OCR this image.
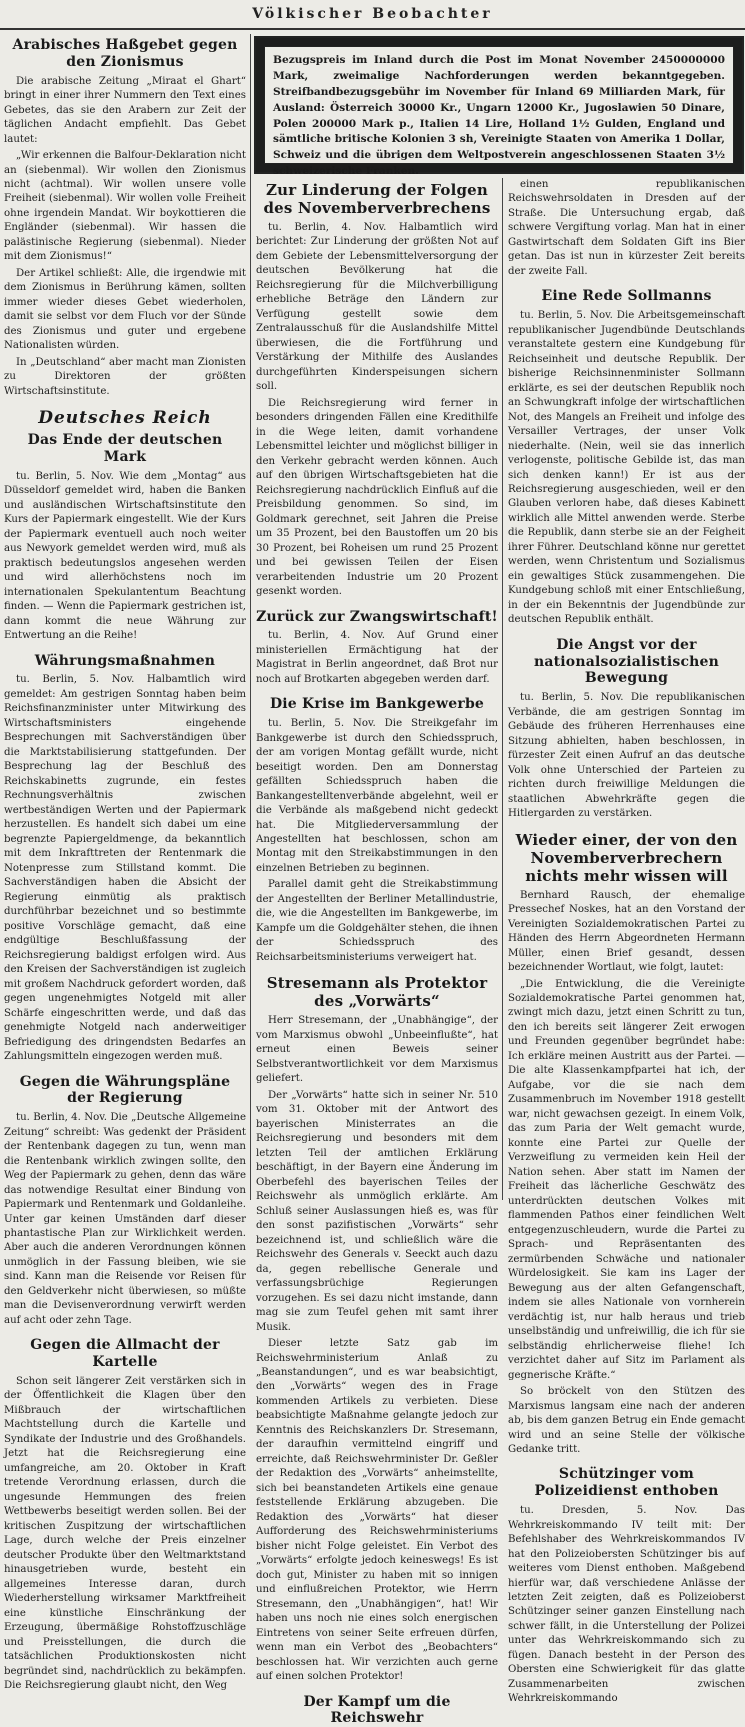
Völkischer Beobachter
Bezugspreis im Inland durch die Post im Monat November 2450000000 Mark, zweimalige Nachforderungen werden bekanntgegeben. Streifbandbezugsgebühr im November für Inland 69 Milliarden Mark, für Ausland: Österreich 30000 Kr., Ungarn 12000 Kr., Jugoslawien 50 Dinare, Polen 200000 Mark p., Italien 14 Lire, Holland 1½ Gulden, England und sämtliche britische Kolonien 3 sh, Vereinigte Staaten von Amerika 1 Dollar, Schweiz und die übrigen dem Weltpostverein angeschlossenen Staaten 3½ schweizerische Franken.
Arabisches Haßgebet gegen den Zionismus

Die arabische Zeitung „Miraat el Ghart“ bringt in einer ihrer Nummern den Text eines Gebetes, das sie den Arabern zur Zeit der täglichen Andacht empfiehlt. Das Gebet lautet:

„Wir erkennen die Balfour-Deklaration nicht an (siebenmal). Wir wollen den Zionismus nicht (achtmal). Wir wollen unsere volle Freiheit (siebenmal). Wir wollen volle Freiheit ohne irgendein Mandat. Wir boykottieren die Engländer (siebenmal). Wir hassen die palästinische Regierung (siebenmal). Nieder mit dem Zionismus!“

Der Artikel schließt: Alle, die irgendwie mit dem Zionismus in Berührung kämen, sollten immer wieder dieses Gebet wiederholen, damit sie selbst vor dem Fluch vor der Sünde des Zionismus und guter und ergebene Nationalisten würden.

In „Deutschland“ aber macht man Zionisten zu Direktoren der größten Wirtschaftsinstitute.

Deutsches Reich
Das Ende der deutschen Mark

tu. Berlin, 5. Nov. Wie dem „Montag“ aus Düsseldorf gemeldet wird, haben die Banken und ausländischen Wirtschaftsinstitute den Kurs der Papiermark eingestellt. Wie der Kurs der Papiermark eventuell auch noch weiter aus Newyork gemeldet werden wird, muß als praktisch bedeutungslos angesehen werden und wird allerhöchstens noch im internationalen Spekulantentum Beachtung finden. — Wenn die Papiermark gestrichen ist, dann kommt die neue Währung zur Entwertung an die Reihe!

Währungsmaßnahmen

tu. Berlin, 5. Nov. Halbamtlich wird gemeldet: Am gestrigen Sonntag haben beim Reichsfinanzminister unter Mitwirkung des Wirtschaftsministers eingehende Besprechungen mit Sachverständigen über die Marktstabilisierung stattgefunden. Der Besprechung lag der Beschluß des Reichskabinetts zugrunde, ein festes Rechnungsverhältnis zwischen wertbeständigen Werten und der Papiermark herzustellen. Es handelt sich dabei um eine begrenzte Papiergeldmenge, da bekanntlich mit dem Inkrafttreten der Rentenmark die Notenpresse zum Stillstand kommt. Die Sachverständigen haben die Absicht der Regierung einmütig als praktisch durchführbar bezeichnet und so bestimmte positive Vorschläge gemacht, daß eine endgültige Beschlußfassung der Reichsregierung baldigst erfolgen wird. Aus den Kreisen der Sachverständigen ist zugleich mit großem Nachdruck gefordert worden, daß gegen ungenehmigtes Notgeld mit aller Schärfe eingeschritten werde, und daß das genehmigte Notgeld nach anderweitiger Befriedigung des dringendsten Bedarfes an Zahlungsmitteln eingezogen werden muß.

Gegen die Währungspläne der Regierung

tu. Berlin, 4. Nov. Die „Deutsche Allgemeine Zeitung“ schreibt: Was gedenkt der Präsident der Rentenbank dagegen zu tun, wenn man die Rentenbank wirklich zwingen sollte, den Weg der Papiermark zu gehen, denn das wäre das notwendige Resultat einer Bindung von Papiermark und Rentenmark und Goldanleihe. Unter gar keinen Umständen darf dieser phantastische Plan zur Wirklichkeit werden. Aber auch die anderen Verordnungen können unmöglich in der Fassung bleiben, wie sie sind. Kann man die Reisende vor Reisen für den Geldverkehr nicht überwiesen, so müßte man die Devisenverordnung verwirft werden auf acht oder zehn Tage.

Gegen die Allmacht der Kartelle

Schon seit längerer Zeit verstärken sich in der Öffentlichkeit die Klagen über den Mißbrauch der wirtschaftlichen Machtstellung durch die Kartelle und Syndikate der Industrie und des Großhandels. Jetzt hat die Reichsregierung eine umfangreiche, am 20. Oktober in Kraft tretende Verordnung erlassen, durch die ungesunde Hemmungen des freien Wettbewerbs beseitigt werden sollen. Bei der kritischen Zuspitzung der wirtschaftlichen Lage, durch welche der Preis einzelner deutscher Produkte über den Weltmarktstand hinausgetrieben wurde, besteht ein allgemeines Interesse daran, durch Wiederherstellung wirksamer Marktfreiheit eine künstliche Einschränkung der Erzeugung, übermäßige Rohstoffzuschläge und Preisstellungen, die durch die tatsächlichen Produktionskosten nicht begründet sind, nachdrücklich zu bekämpfen. Die Reichsregierung glaubt nicht, den Weg

Zur Linderung der Folgen des Novemberverbrechens

tu. Berlin, 4. Nov. Halbamtlich wird berichtet: Zur Linderung der größten Not auf dem Gebiete der Lebensmittelversorgung der deutschen Bevölkerung hat die Reichsregierung für die Milchverbilligung erhebliche Beträge den Ländern zur Verfügung gestellt sowie dem Zentralausschuß für die Auslandshilfe Mittel überwiesen, die die Fortführung und Verstärkung der Mithilfe des Auslandes durchgeführten Kinderspeisungen sichern soll.

Die Reichsregierung wird ferner in besonders dringenden Fällen eine Kredithilfe in die Wege leiten, damit vorhandene Lebensmittel leichter und möglichst billiger in den Verkehr gebracht werden können. Auch auf den übrigen Wirtschaftsgebieten hat die Reichsregierung nachdrücklich Einfluß auf die Preisbildung genommen. So sind, im Goldmark gerechnet, seit Jahren die Preise um 35 Prozent, bei den Baustoffen um 20 bis 30 Prozent, bei Roheisen um rund 25 Prozent und bei gewissen Teilen der Eisen verarbeitenden Industrie um 20 Prozent gesenkt worden.

Zurück zur Zwangswirtschaft!

tu. Berlin, 4. Nov. Auf Grund einer ministeriellen Ermächtigung hat der Magistrat in Berlin angeordnet, daß Brot nur noch auf Brotkarten abgegeben werden darf.

Die Krise im Bankgewerbe

tu. Berlin, 5. Nov. Die Streikgefahr im Bankgewerbe ist durch den Schiedsspruch, der am vorigen Montag gefällt wurde, nicht beseitigt worden. Den am Donnerstag gefällten Schiedsspruch haben die Bankangestelltenverbände abgelehnt, weil er die Verbände als maßgebend nicht gedeckt hat. Die Mitgliederversammlung der Angestellten hat beschlossen, schon am Montag mit den Streikabstimmungen in den einzelnen Betrieben zu beginnen.

Parallel damit geht die Streikabstimmung der Angestellten der Berliner Metallindustrie, die, wie die Angestellten im Bankgewerbe, im Kampfe um die Goldgehälter stehen, die ihnen der Schiedsspruch des Reichsarbeitsministeriums verweigert hat.

Stresemann als Protektor des „Vorwärts“

Herr Stresemann, der „Unabhängige“, der vom Marxismus obwohl „Unbeeinflußte“, hat erneut einen Beweis seiner Selbstverantwortlichkeit vor dem Marxismus geliefert.

Der „Vorwärts“ hatte sich in seiner Nr. 510 vom 31. Oktober mit der Antwort des bayerischen Ministerrates an die Reichsregierung und besonders mit dem letzten Teil der amtlichen Erklärung beschäftigt, in der Bayern eine Änderung im Oberbefehl des bayerischen Teiles der Reichswehr als unmöglich erklärte. Am Schluß seiner Auslassungen hieß es, was für den sonst pazifistischen „Vorwärts“ sehr bezeichnend ist, und schließlich wäre die Reichswehr des Generals v. Seeckt auch dazu da, gegen rebellische Generale und verfassungsbrüchige Regierungen vorzugehen. Es sei dazu nicht imstande, dann mag sie zum Teufel gehen mit samt ihrer Musik.

Dieser letzte Satz gab im Reichswehrministerium Anlaß zu „Beanstandungen“, und es war beabsichtigt, den „Vorwärts“ wegen des in Frage kommenden Artikels zu verbieten. Diese beabsichtigte Maßnahme gelangte jedoch zur Kenntnis des Reichskanzlers Dr. Stresemann, der daraufhin vermittelnd eingriff und erreichte, daß Reichswehrminister Dr. Geßler der Redaktion des „Vorwärts“ anheimstellte, sich bei beanstandeten Artikels eine genaue feststellende Erklärung abzugeben. Die Redaktion des „Vorwärts“ hat dieser Aufforderung des Reichswehrministeriums bisher nicht Folge geleistet. Ein Verbot des „Vorwärts“ erfolgte jedoch keineswegs! Es ist doch gut, Minister zu haben mit so innigen und einflußreichen Protektor, wie Herrn Stresemann, den „Unabhängigen“, hat! Wir haben uns noch nie eines solch energischen Eintretens von seiner Seite erfreuen dürfen, wenn man ein Verbot des „Beobachters“ beschlossen hat. Wir verzichten auch gerne auf einen solchen Protektor!

Der Kampf um die Reichswehr

einen republikanischen Reichswehrsoldaten in Dresden auf der Straße. Die Untersuchung ergab, daß schwere Vergiftung vorlag. Man hat in einer Gastwirtschaft dem Soldaten Gift ins Bier getan. Das ist nun in kürzester Zeit bereits der zweite Fall.

Eine Rede Sollmanns

tu. Berlin, 5. Nov. Die Arbeitsgemeinschaft republikanischer Jugendbünde Deutschlands veranstaltete gestern eine Kundgebung für Reichseinheit und deutsche Republik. Der bisherige Reichsinnenminister Sollmann erklärte, es sei der deutschen Republik noch an Schwungkraft infolge der wirtschaftlichen Not, des Mangels an Freiheit und infolge des Versailler Vertrages, der unser Volk niederhalte. (Nein, weil sie das innerlich verlogenste, politische Gebilde ist, das man sich denken kann!) Er ist aus der Reichsregierung ausgeschieden, weil er den Glauben verloren habe, daß dieses Kabinett wirklich alle Mittel anwenden werde. Sterbe die Republik, dann sterbe sie an der Feigheit ihrer Führer. Deutschland könne nur gerettet werden, wenn Christentum und Sozialismus ein gewaltiges Stück zusammengehen. Die Kundgebung schloß mit einer Entschließung, in der ein Bekenntnis der Jugendbünde zur deutschen Republik enthält.

Die Angst vor der nationalsozialistischen Bewegung

tu. Berlin, 5. Nov. Die republikanischen Verbände, die am gestrigen Sonntag im Gebäude des früheren Herrenhauses eine Sitzung abhielten, haben beschlossen, in fürzester Zeit einen Aufruf an das deutsche Volk ohne Unterschied der Parteien zu richten durch freiwillige Meldungen die staatlichen Abwehrkräfte gegen die Hitlergarden zu verstärken.

Wieder einer, der von den Novemberverbrechern nichts mehr wissen will

Bernhard Rausch, der ehemalige Pressechef Noskes, hat an den Vorstand der Vereinigten Sozialdemokratischen Partei zu Händen des Herrn Abgeordneten Hermann Müller, einen Brief gesandt, dessen bezeichnender Wortlaut, wie folgt, lautet:

„Die Entwicklung, die die Vereinigte Sozialdemokratische Partei genommen hat, zwingt mich dazu, jetzt einen Schritt zu tun, den ich bereits seit längerer Zeit erwogen und Freunden gegenüber begründet habe: Ich erkläre meinen Austritt aus der Partei. — Die alte Klassenkampfpartei hat ich, der Aufgabe, vor die sie nach dem Zusammenbruch im November 1918 gestellt war, nicht gewachsen gezeigt. In einem Volk, das zum Paria der Welt gemacht wurde, konnte eine Partei zur Quelle der Verzweiflung zu vermeiden kein Heil der Nation sehen. Aber statt im Namen der Freiheit das lächerliche Geschwätz des unterdrückten deutschen Volkes mit flammenden Pathos einer feindlichen Welt entgegenzuschleudern, wurde die Partei zu Sprach- und Repräsentanten des zermürbenden Schwäche und nationaler Würdelosigkeit. Sie kam ins Lager der Bewegung aus der alten Gefangenschaft, indem sie alles Nationale von vornherein verdächtig ist, nur halb heraus und trieb unselbständig und unfreiwillig, die ich für sie selbständig ehrlicherweise fliehe! Ich verzichtet daher auf Sitz im Parlament als gegnerische Kräfte.“

So bröckelt von den Stützen des Marxismus langsam eine nach der anderen ab, bis dem ganzen Betrug ein Ende gemacht wird und an seine Stelle der völkische Gedanke tritt.

Schützinger vom Polizeidienst enthoben

tu. Dresden, 5. Nov. Das Wehrkreiskommando IV teilt mit: Der Befehlshaber des Wehrkreiskommandos IV hat den Polizeiobersten Schützinger bis auf weiteres vom Dienst enthoben. Maßgebend hierfür war, daß verschiedene Anlässe der letzten Zeit zeigten, daß es Polizeioberst Schützinger seiner ganzen Einstellung nach schwer fällt, in die Unterstellung der Polizei unter das Wehrkreiskommando sich zu fügen. Danach besteht in der Person des Obersten eine Schwierigkeit für das glatte Zusammenarbeiten zwischen Wehrkreiskommando
